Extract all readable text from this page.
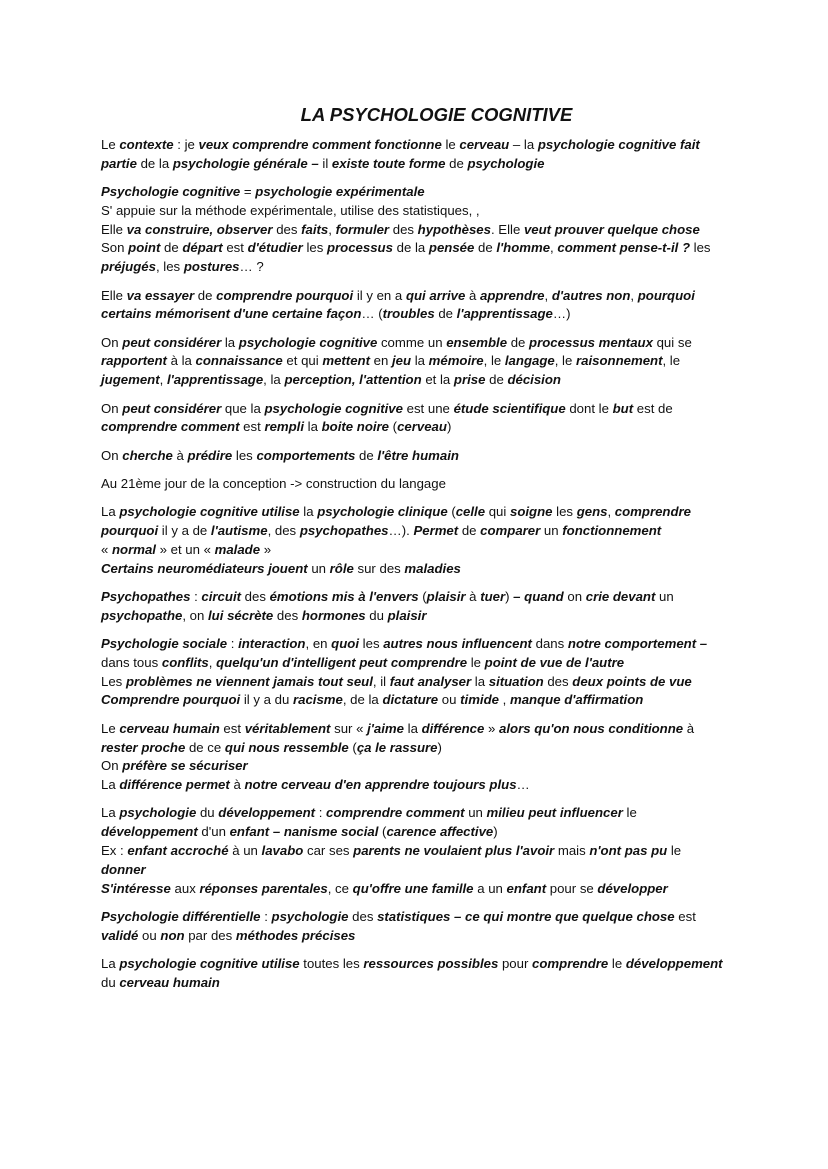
LA PSYCHOLOGIE COGNITIVE

Le contexte : je veux comprendre comment fonctionne le cerveau – la psychologie cognitive fait
partie de la psychologie générale – il existe toute forme de psychologie

Psychologie cognitive = psychologie expérimentale
S' appuie sur la méthode expérimentale, utilise des statistiques, ,
Elle va construire, observer des faits, formuler des hypothèses. Elle veut prouver quelque chose
Son point de départ est d'étudier les processus de la pensée de l'homme, comment pense-t-il ? les
préjugés, les postures… ?

Elle va essayer de comprendre pourquoi il y en a qui arrive à apprendre, d'autres non, pourquoi
certains mémorisent d'une certaine façon… (troubles de l'apprentissage…)

On peut considérer la psychologie cognitive comme un ensemble de processus mentaux qui se
rapportent à la connaissance et qui mettent en jeu la mémoire, le langage, le raisonnement, le
jugement, l'apprentissage, la perception, l'attention et la prise de décision

On peut considérer que la psychologie cognitive est une étude scientifique dont le but est de
comprendre comment est rempli la boite noire (cerveau)

On cherche à prédire les comportements de l'être humain

Au 21ème jour de la conception -> construction du langage

La psychologie cognitive utilise la psychologie clinique (celle qui soigne les gens, comprendre
pourquoi il y a de l'autisme, des psychopathes…). Permet de comparer un fonctionnement
« normal » et un « malade »
Certains neuromédiateurs jouent un rôle sur des maladies

Psychopathes : circuit des émotions mis à l'envers (plaisir à tuer) – quand on crie devant un
psychopathe, on lui sécrète des hormones du plaisir

Psychologie sociale : interaction, en quoi les autres nous influencent dans notre comportement –
dans tous conflits, quelqu'un d'intelligent peut comprendre le point de vue de l'autre
Les problèmes ne viennent jamais tout seul, il faut analyser la situation des deux points de vue
Comprendre pourquoi il y a du racisme, de la dictature ou timide , manque d'affirmation

Le cerveau humain est véritablement sur « j'aime la différence » alors qu'on nous conditionne à
rester proche de ce qui nous ressemble (ça le rassure)
On préfère se sécuriser
La différence permet à notre cerveau d'en apprendre toujours plus…

La psychologie du développement : comprendre comment un milieu peut influencer le
développement d'un enfant – nanisme social (carence affective)
Ex : enfant accroché à un lavabo car ses parents ne voulaient plus l'avoir mais n'ont pas pu le
donner
S'intéresse aux réponses parentales, ce qu'offre une famille a un enfant pour se développer

Psychologie différentielle : psychologie des statistiques – ce qui montre que quelque chose est
validé ou non par des méthodes précises

La psychologie cognitive utilise toutes les ressources possibles pour comprendre le développement
du cerveau humain
